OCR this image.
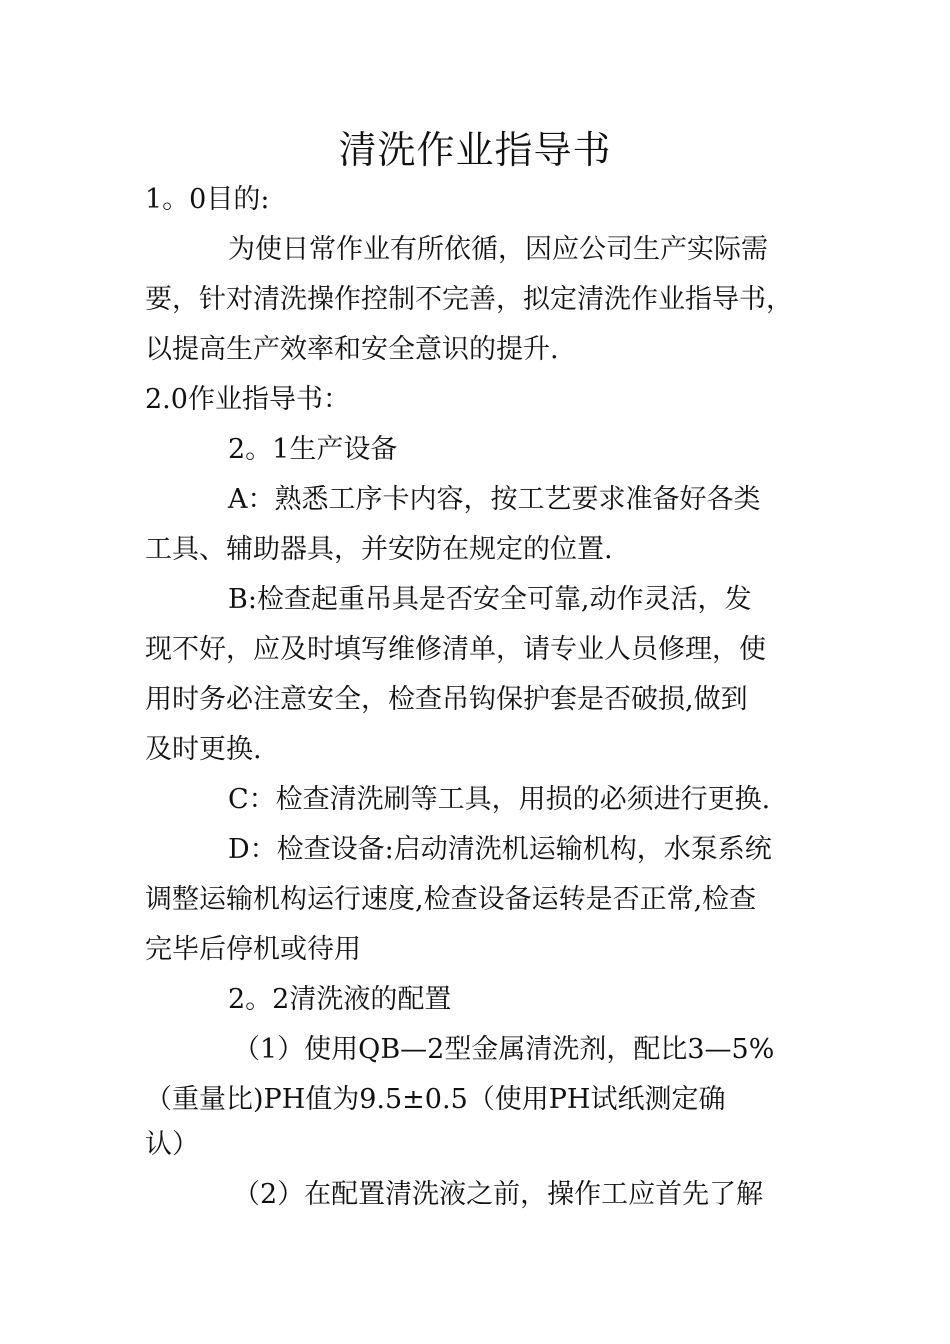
清洗作业指导书
1。0目的:
为使日常作业有所依循，因应公司生产实际需
要，针对清洗操作控制不完善，拟定清洗作业指导书，
以提高生产效率和安全意识的提升.
2.0作业指导书：
2。1生产设备
A：熟悉工序卡内容，按工艺要求准备好各类
工具、辅助器具，并安防在规定的位置.
B:检查起重吊具是否安全可靠,动作灵活，发
现不好，应及时填写维修清单，请专业人员修理，使
用时务必注意安全，检查吊钩保护套是否破损,做到
及时更换.
C：检查清洗刷等工具，用损的必须进行更换.
D：检查设备:启动清洗机运输机构，水泵系统
调整运输机构运行速度,检查设备运转是否正常,检查
完毕后停机或待用
2。2清洗液的配置
（1）使用QB—2型金属清洗剂，配比3—5%
（重量比)PH值为9.5±0.5（使用PH试纸测定确
认）
（2）在配置清洗液之前，操作工应首先了解
